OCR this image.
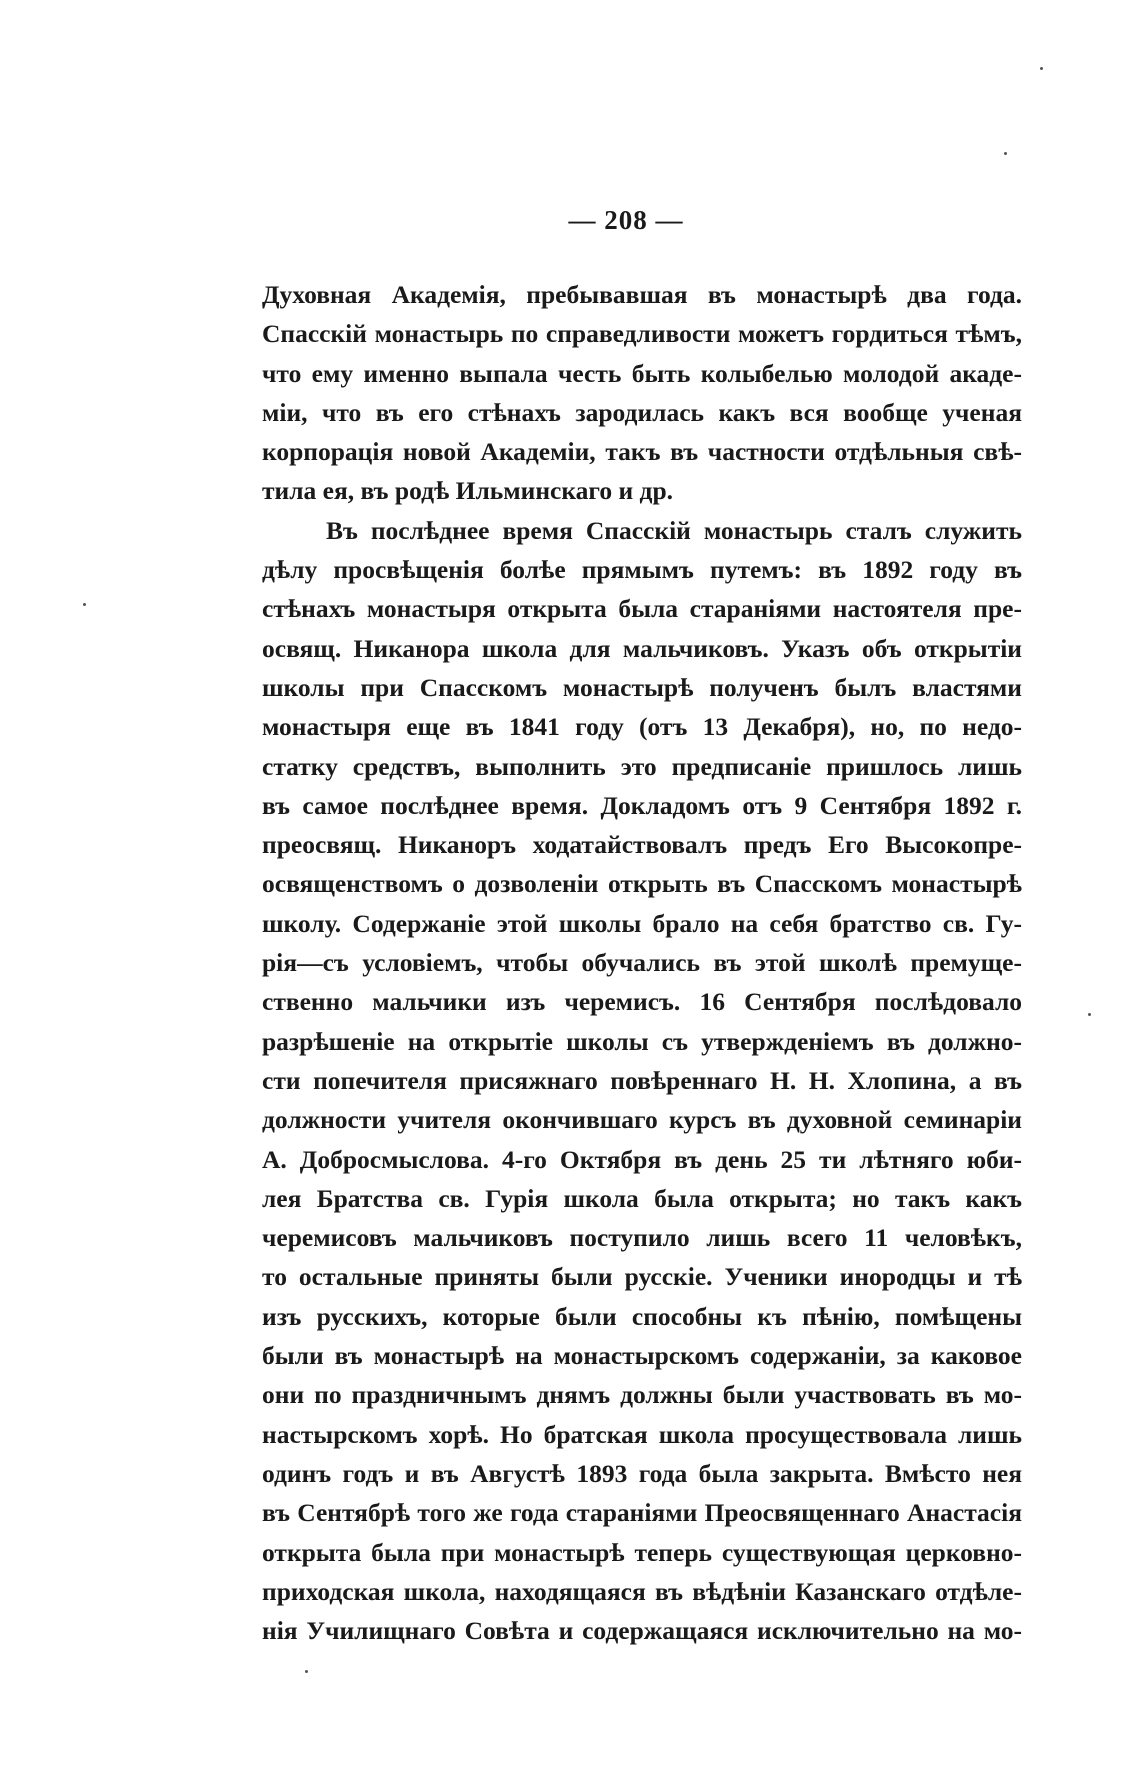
— 208 —
Духовная Академія, пребывавшая въ монастырѣ два года.
Спасскій монастырь по справедливости можетъ гордиться тѣмъ,
что ему именно выпала честь быть колыбелью молодой акаде-
міи, что въ его стѣнахъ зародилась какъ вся вообще ученая
корпорація новой Академіи, такъ въ частности отдѣльныя свѣ-
тила ея, въ родѣ Ильминскаго и др.
Въ послѣднее время Спасскій монастырь сталъ служить
дѣлу просвѣщенія болѣе прямымъ путемъ: въ 1892 году въ
стѣнахъ монастыря открыта была стараніями настоятеля пре-
освящ. Никанора школа для мальчиковъ. Указъ объ открытіи
школы при Спасскомъ монастырѣ полученъ былъ властями
монастыря еще въ 1841 году (отъ 13 Декабря), но, по недо-
статку средствъ, выполнить это предписаніе пришлось лишь
въ самое послѣднее время. Докладомъ отъ 9 Сентября 1892 г.
преосвящ. Никаноръ ходатайствовалъ предъ Его Высокопре-
освященствомъ о дозволеніи открыть въ Спасскомъ монастырѣ
школу. Содержаніе этой школы брало на себя братство св. Гу-
рія—съ условіемъ, чтобы обучались въ этой школѣ премуще-
ственно мальчики изъ черемисъ. 16 Сентября послѣдовало
разрѣшеніе на открытіе школы съ утвержденіемъ въ должно-
сти попечителя присяжнаго повѣреннаго Н. Н. Хлопина, а въ
должности учителя окончившаго курсъ въ духовной семинаріи
А. Добросмыслова. 4-го Октября въ день 25 ти лѣтняго юби-
лея Братства св. Гурія школа была открыта; но такъ какъ
черемисовъ мальчиковъ поступило лишь всего 11 человѣкъ,
то остальные приняты были русскіе. Ученики инородцы и тѣ
изъ русскихъ, которые были способны къ пѣнію, помѣщены
были въ монастырѣ на монастырскомъ содержаніи, за каковое
они по праздничнымъ днямъ должны были участвовать въ мо-
настырскомъ хорѣ. Но братская школа просуществовала лишь
одинъ годъ и въ Августѣ 1893 года была закрыта. Вмѣсто нея
въ Сентябрѣ того же года стараніями Преосвященнаго Анастасія
открыта была при монастырѣ теперь существующая церковно-
приходская школа, находящаяся въ вѣдѣніи Казанскаго отдѣле-
нія Училищнаго Совѣта и содержащаяся исключительно на мо-
